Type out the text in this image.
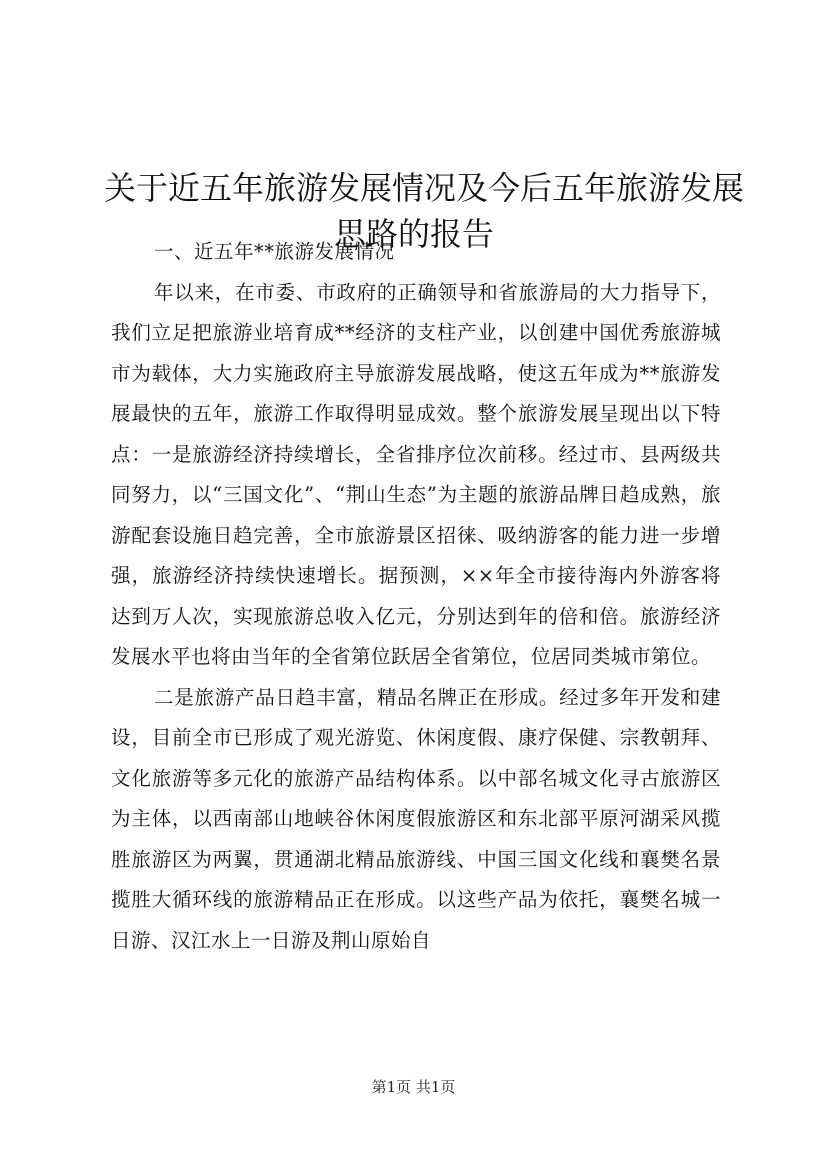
关于近五年旅游发展情况及今后五年旅游发展
思路的报告

一、近五年**旅游发展情况

年以来，在市委、市政府的正确领导和省旅游局的大力指导下，我们立足把旅游业培育成**经济的支柱产业，以创建中国优秀旅游城市为载体，大力实施政府主导旅游发展战略，使这五年成为**旅游发展最快的五年，旅游工作取得明显成效。整个旅游发展呈现出以下特点：一是旅游经济持续增长，全省排序位次前移。经过市、县两级共同努力，以“三国文化”、“荆山生态”为主题的旅游品牌日趋成熟，旅游配套设施日趋完善，全市旅游景区招徕、吸纳游客的能力进一步增强，旅游经济持续快速增长。据预测，××年全市接待海内外游客将达到万人次，实现旅游总收入亿元，分别达到年的倍和倍。旅游经济发展水平也将由当年的全省第位跃居全省第位，位居同类城市第位。

二是旅游产品日趋丰富，精品名牌正在形成。经过多年开发和建设，目前全市已形成了观光游览、休闲度假、康疗保健、宗教朝拜、文化旅游等多元化的旅游产品结构体系。以中部名城文化寻古旅游区为主体，以西南部山地峡谷休闲度假旅游区和东北部平原河湖采风揽胜旅游区为两翼，贯通湖北精品旅游线、中国三国文化线和襄樊名景揽胜大循环线的旅游精品正在形成。以这些产品为依托，襄樊名城一日游、汉江水上一日游及荆山原始自

第1页 共1页
